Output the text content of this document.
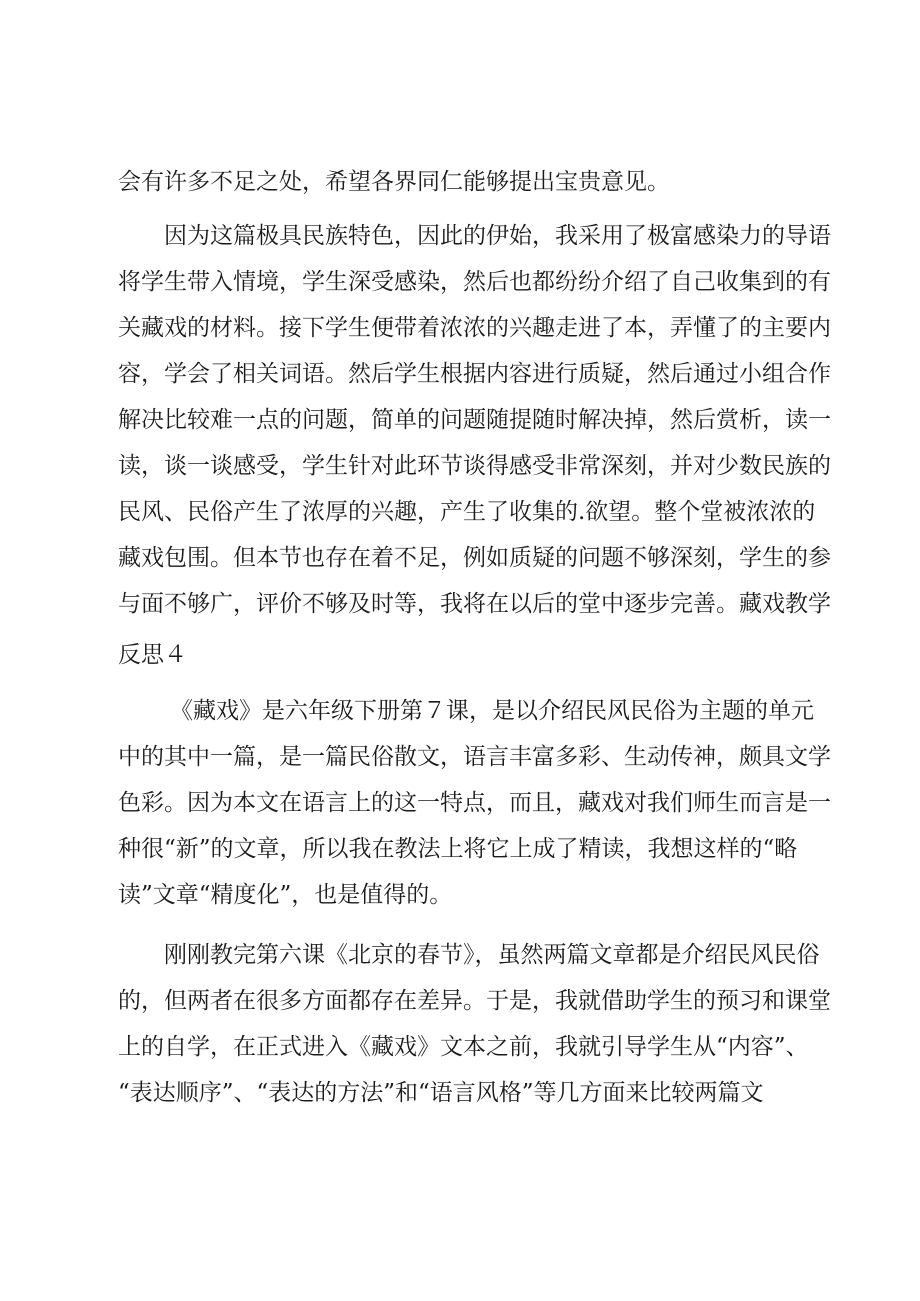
会有许多不足之处，希望各界同仁能够提出宝贵意见。
因为这篇极具民族特色，因此的伊始，我采用了极富感染力的导语
将学生带入情境，学生深受感染，然后也都纷纷介绍了自己收集到的有
关藏戏的材料。接下学生便带着浓浓的兴趣走进了本，弄懂了的主要内
容，学会了相关词语。然后学生根据内容进行质疑，然后通过小组合作
解决比较难一点的问题，简单的问题随提随时解决掉，然后赏析，读一
读，谈一谈感受，学生针对此环节谈得感受非常深刻，并对少数民族的
民风、民俗产生了浓厚的兴趣，产生了收集的.欲望。整个堂被浓浓的
藏戏包围。但本节也存在着不足，例如质疑的问题不够深刻，学生的参
与面不够广，评价不够及时等，我将在以后的堂中逐步完善。藏戏教学
反思４
《藏戏》是六年级下册第７课，是以介绍民风民俗为主题的单元
中的其中一篇，是一篇民俗散文，语言丰富多彩、生动传神，颇具文学
色彩。因为本文在语言上的这一特点，而且，藏戏对我们师生而言是一
种很“新”的文章，所以我在教法上将它上成了精读，我想这样的“略
读”文章“精度化”，也是值得的。
刚刚教完第六课《北京的春节》，虽然两篇文章都是介绍民风民俗
的，但两者在很多方面都存在差异。于是，我就借助学生的预习和课堂
上的自学，在正式进入《藏戏》文本之前，我就引导学生从“内容”、
“表达顺序”、“表达的方法”和“语言风格”等几方面来比较两篇文
